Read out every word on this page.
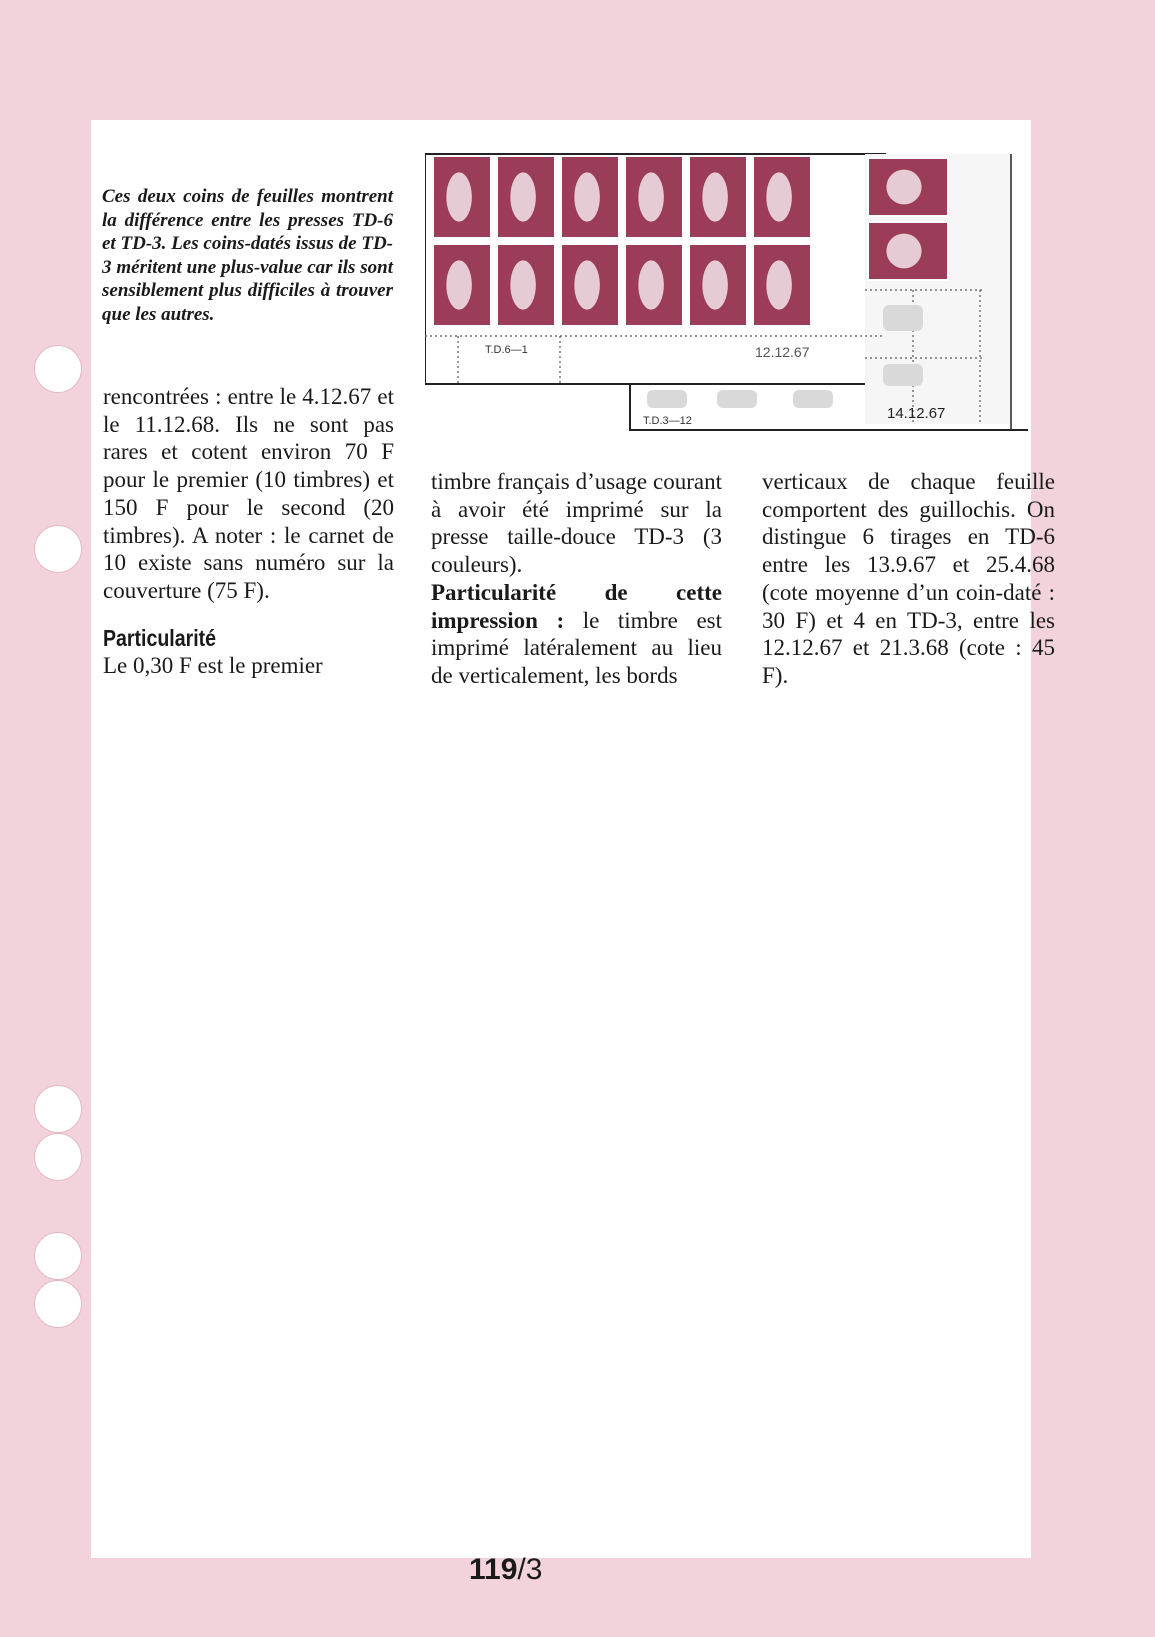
Ces deux coins de feuilles montrent la différence entre les presses TD-6 et TD-3. Les coins-datés issus de TD-3 méritent une plus-value car ils sont sensiblement plus difficiles à trouver que les autres.
T.D.6—1	12.12.67
T.D.3—12	14.12.67

rencontrées : entre le 4.12.67 et le 11.12.68. Ils ne sont pas rares et cotent environ 70 F pour le premier (10 timbres) et 150 F pour le second (20 timbres). A noter : le carnet de 10 existe sans numéro sur la couverture (75 F).

Particularité

Le 0,30 F est le premier

timbre français d’usage courant à avoir été imprimé sur la presse taille-douce TD-3 (3 couleurs).

Particularité de cette impression : le timbre est imprimé latéralement au lieu de verticalement, les bords

verticaux de chaque feuille comportent des guillochis. On distingue 6 tirages en TD-6 entre les 13.9.67 et 25.4.68 (cote moyenne d’un coin-daté : 30 F) et 4 en TD-3, entre les 12.12.67 et 21.3.68 (cote : 45 F).

119/3
